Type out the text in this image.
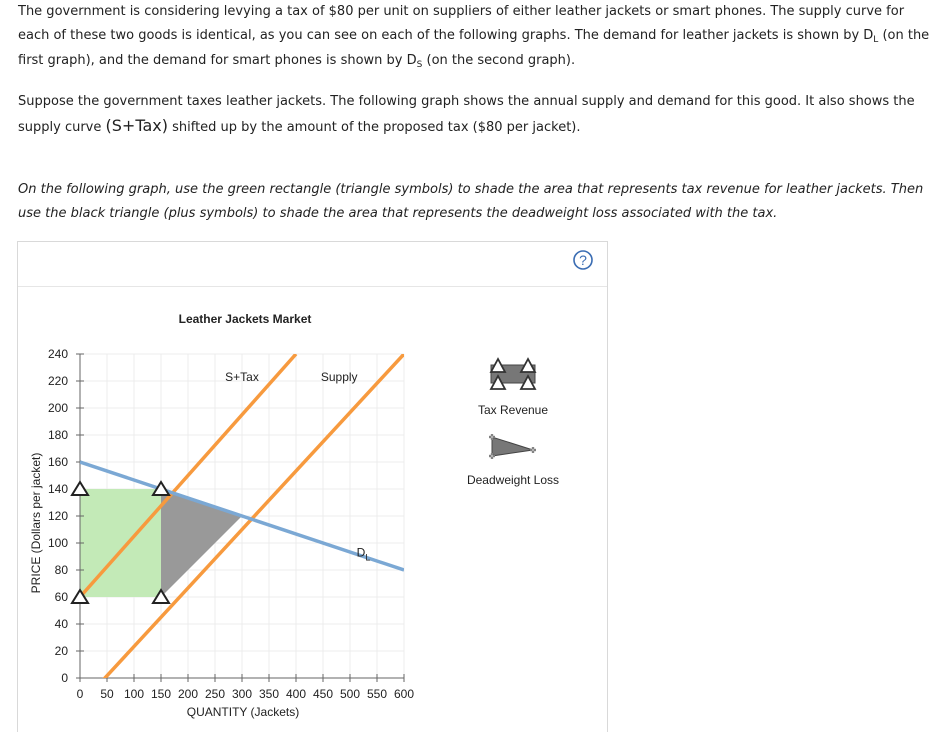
The government is considering levying a tax of $80 per unit on suppliers of either leather jackets or smart phones. The supply curve for each of these two goods is identical, as you can see on each of the following graphs. The demand for leather jackets is shown by $D_L$ (on the first graph), and the demand for smart phones is shown by $D_S$ (on the second graph).

Suppose the government taxes leather jackets. The following graph shows the annual supply and demand for this good. It also shows the supply curve (S+Tax) shifted up by the amount of the proposed tax ($80 per jacket).

On the following graph, use the green rectangle (triangle symbols) to shade the area that represents tax revenue for leather jackets. Then use the black triangle (plus symbols) to shade the area that represents the deadweight loss associated with the tax.

?
0
20
40
60
80
100
120
140
160
180
200
220
240
0 50 100 150 200 250 300 350 400 450 500 550 600
Leather Jackets Market
QUANTITY (Jackets)
PRICE (Dollars per jacket)
S+Tax	Supply
$D_L$
Tax Revenue
Deadweight Loss
